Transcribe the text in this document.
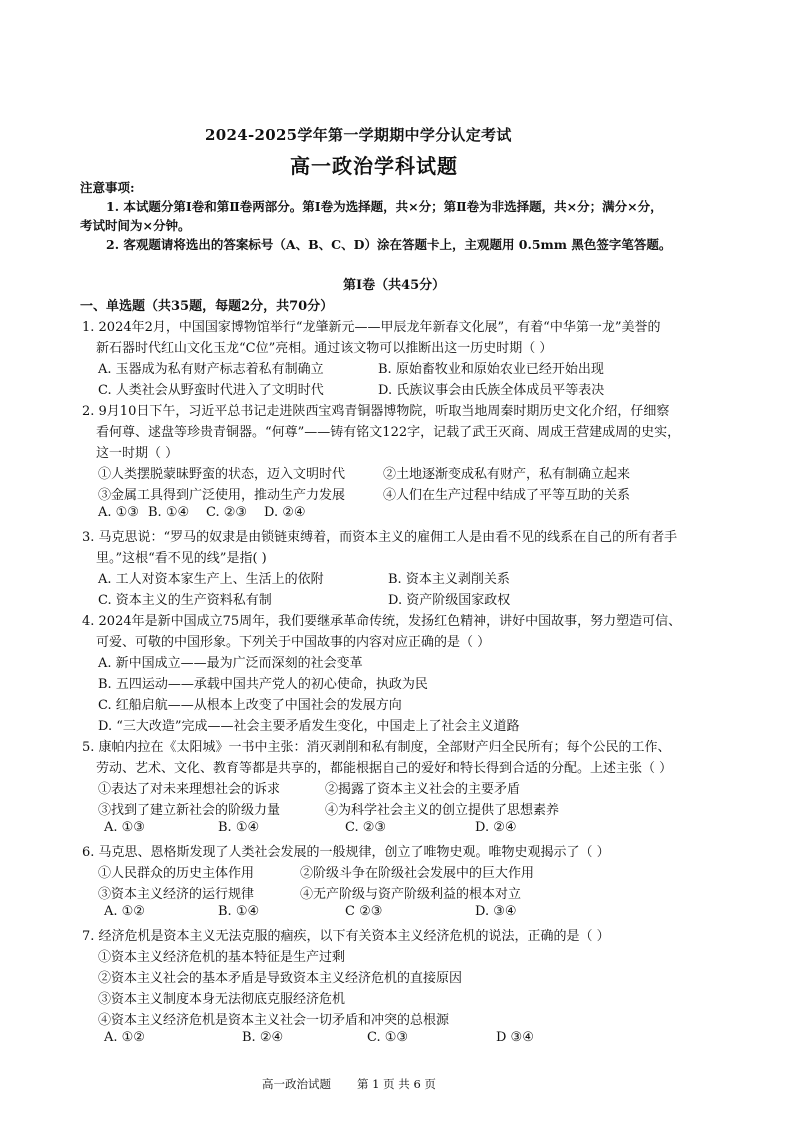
2024-2025学年第一学期期中学分认定考试
高一政治学科试题
注意事项:
1. 本试题分第Ⅰ卷和第Ⅱ卷两部分。第Ⅰ卷为选择题，共×分；第Ⅱ卷为非选择题，共×分；满分×分，
考试时间为×分钟。
2. 客观题请将选出的答案标号（A、B、C、D）涂在答题卡上，主观题用 0.5mm 黑色签字笔答题。
第Ⅰ卷（共45分）
一、单选题（共35题，每题2分，共70分）
1. 2024年2月，中国国家博物馆举行“龙肇新元——甲辰龙年新春文化展”，有着“中华第一龙”美誉的
新石器时代红山文化玉龙“C位”亮相。通过该文物可以推断出这一历史时期（ ）
A. 玉器成为私有财产标志着私有制确立	B. 原始畜牧业和原始农业已经开始出现
C. 人类社会从野蛮时代进入了文明时代	D. 氏族议事会由氏族全体成员平等表决
2. 9月10日下午，习近平总书记走进陕西宝鸡青铜器博物院，听取当地周秦时期历史文化介绍，仔细察
看何尊、逑盘等珍贵青铜器。“何尊”——铸有铭文122字，记载了武王灭商、周成王营建成周的史实，
这一时期（ ）
①人类摆脱蒙昧野蛮的状态，迈入文明时代	②土地逐渐变成私有财产，私有制确立起来
③金属工具得到广泛使用，推动生产力发展	④人们在生产过程中结成了平等互助的关系
A. ①③ B. ①④ C. ②③ D. ②④
3. 马克思说：“罗马的奴隶是由锁链束缚着，而资本主义的雇佣工人是由看不见的线系在自己的所有者手
里。”这根“看不见的线”是指( )
A. 工人对资本家生产上、生活上的依附	B. 资本主义剥削关系
C. 资本主义的生产资料私有制	D. 资产阶级国家政权
4. 2024年是新中国成立75周年，我们要继承革命传统，发扬红色精神，讲好中国故事，努力塑造可信、
可爱、可敬的中国形象。下列关于中国故事的内容对应正确的是（ ）
A. 新中国成立——最为广泛而深刻的社会变革
B. 五四运动——承载中国共产党人的初心使命，执政为民
C. 红船启航——从根本上改变了中国社会的发展方向
D. “三大改造”完成——社会主要矛盾发生变化，中国走上了社会主义道路
5. 康帕内拉在《太阳城》一书中主张：消灭剥削和私有制度，全部财产归全民所有；每个公民的工作、
劳动、艺术、文化、教育等都是共享的，都能根据自己的爱好和特长得到合适的分配。上述主张（ ）
①表达了对未来理想社会的诉求	②揭露了资本主义社会的主要矛盾
③找到了建立新社会的阶级力量	④为科学社会主义的创立提供了思想素养
A. ①③	B. ①④	C. ②③	D. ②④
6. 马克思、恩格斯发现了人类社会发展的一般规律，创立了唯物史观。唯物史观揭示了（ ）
①人民群众的历史主体作用	②阶级斗争在阶级社会发展中的巨大作用
③资本主义经济的运行规律	④无产阶级与资产阶级利益的根本对立
A. ①②	B. ①④	C ②③	D. ③④
7. 经济危机是资本主义无法克服的痼疾，以下有关资本主义经济危机的说法，正确的是（ ）
①资本主义经济危机的基本特征是生产过剩
②资本主义社会的基本矛盾是导致资本主义经济危机的直接原因
③资本主义制度本身无法彻底克服经济危机
④资本主义经济危机是资本主义社会一切矛盾和冲突的总根源
A. ①②	B. ②④	C. ①③	D ③④
高一政治试题 第 1 页 共 6 页
